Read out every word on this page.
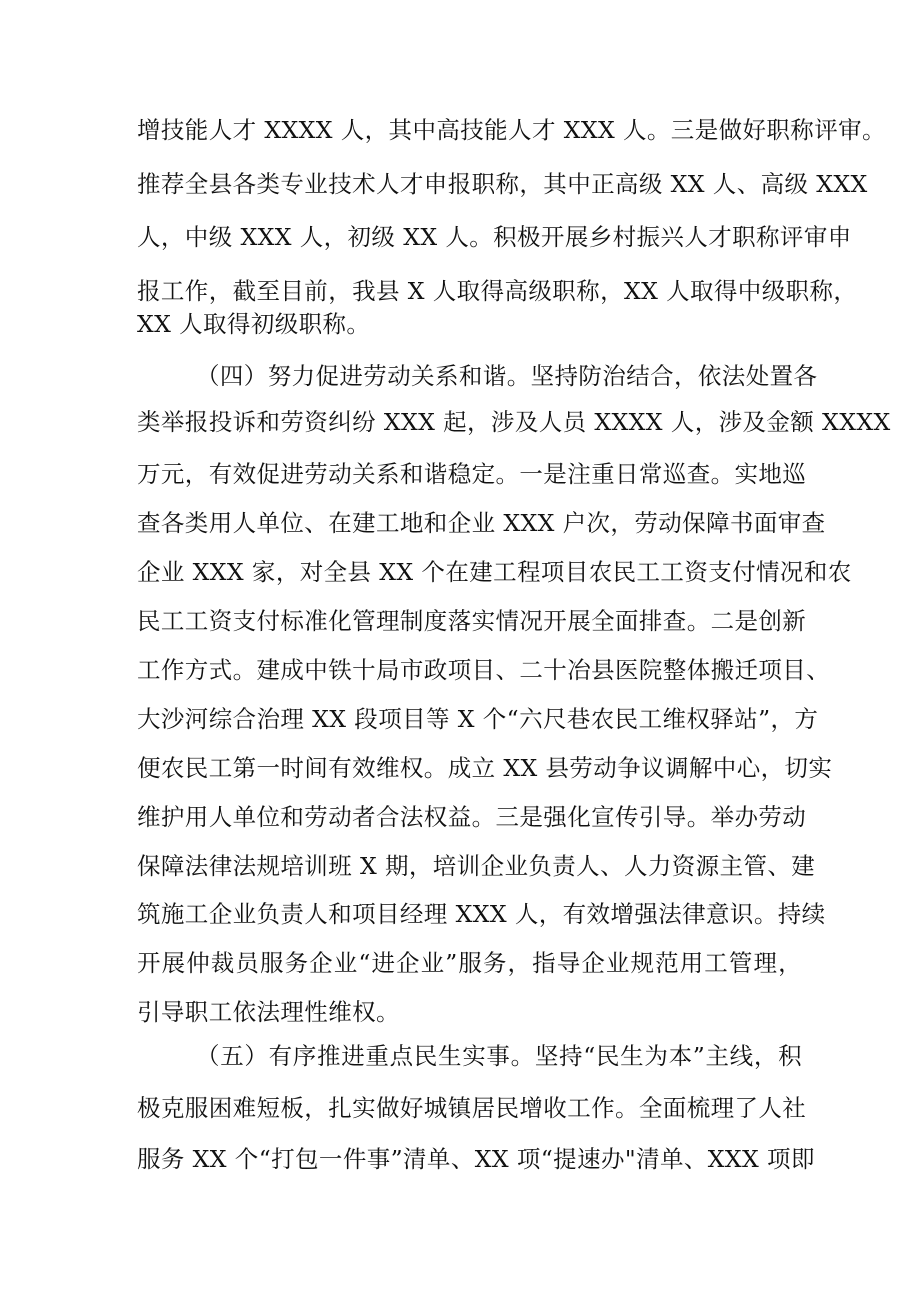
增技能人才 XXXX 人，其中高技能人才 XXX 人。三是做好职称评审。
推荐全县各类专业技术人才申报职称，其中正高级 XX 人、高级 XXX
人，中级 XXX 人，初级 XX 人。积极开展乡村振兴人才职称评审申
报工作，截至目前，我县 X 人取得高级职称，XX 人取得中级职称，
XX 人取得初级职称。
（四）努力促进劳动关系和谐。坚持防治结合，依法处置各
类举报投诉和劳资纠纷 XXX 起，涉及人员 XXXX 人，涉及金额 XXXX
万元，有效促进劳动关系和谐稳定。一是注重日常巡查。实地巡
查各类用人单位、在建工地和企业 XXX 户次，劳动保障书面审查
企业 XXX 家，对全县 XX 个在建工程项目农民工工资支付情况和农
民工工资支付标准化管理制度落实情况开展全面排查。二是创新
工作方式。建成中铁十局市政项目、二十冶县医院整体搬迁项目、
大沙河综合治理 XX 段项目等 X 个“六尺巷农民工维权驿站”，方
便农民工第一时间有效维权。成立 XX 县劳动争议调解中心，切实
维护用人单位和劳动者合法权益。三是强化宣传引导。举办劳动
保障法律法规培训班 X 期，培训企业负责人、人力资源主管、建
筑施工企业负责人和项目经理 XXX 人，有效增强法律意识。持续
开展仲裁员服务企业“进企业”服务，指导企业规范用工管理，
引导职工依法理性维权。
（五）有序推进重点民生实事。坚持“民生为本”主线，积
极克服困难短板，扎实做好城镇居民增收工作。全面梳理了人社
服务 XX 个“打包一件事”清单、XX 项“提速办"清单、XXX 项即
